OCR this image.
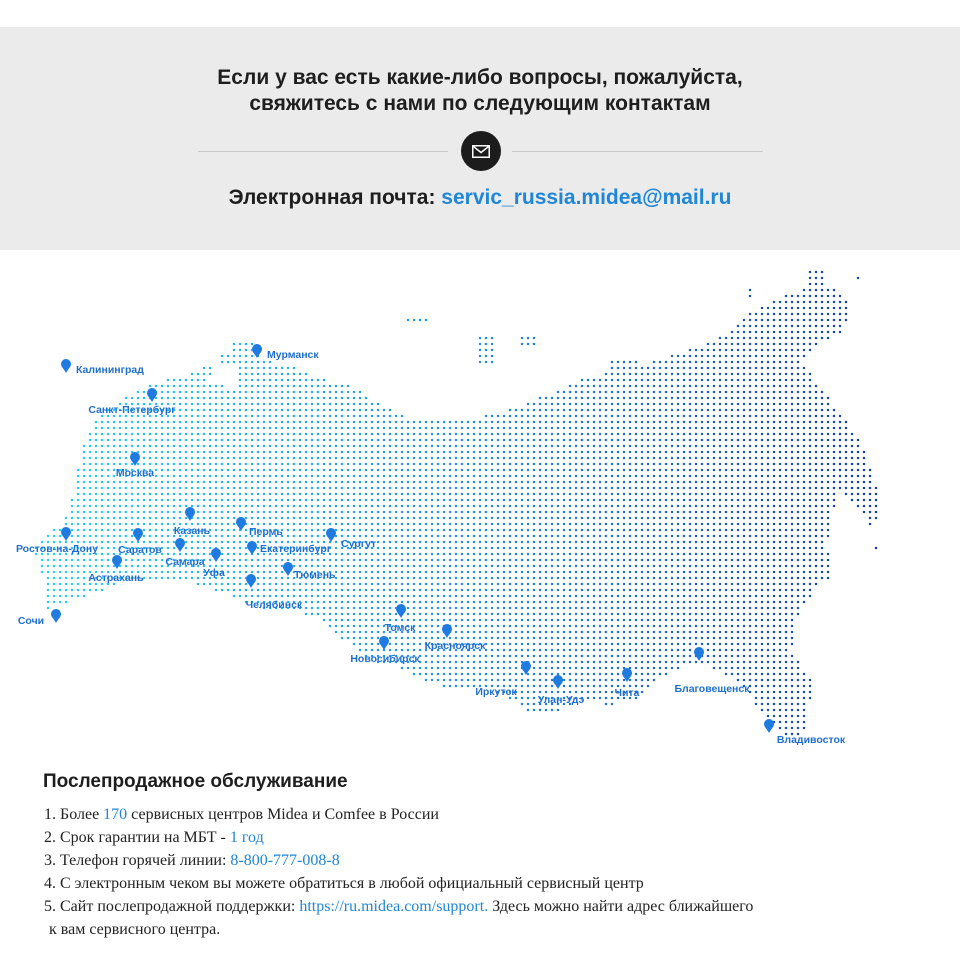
Если у вас есть какие-либо вопросы, пожалуйста,
свяжитесь с нами по следующим контактам
Электронная почта: servic_russia.midea@mail.ru
Калининград
Мурманск
Санкт-Петербург
Москва
Казань	Пермь
Ростов-на-Дону Саратов
Самара
Уфа
Екатеринбург Сургут
Астрахань	Тюмень
Челябинск
Сочи
Томск
Новосибирск
Красноярск
Иркутск
Улан-Удэ
Чита	Благовещенск
Владивосток
Послепродажное обслуживание
1. Более 170 сервисных центров Midea и Comfee в России
2. Срок гарантии на МБТ - 1 год
3. Телефон горячей линии: 8-800-777-008-8
4. С электронным чеком вы можете обратиться в любой официальный сервисный центр
5. Сайт послепродажной поддержки: https://ru.midea.com/support. Здесь можно найти адрес ближайшего
к вам сервисного центра.
